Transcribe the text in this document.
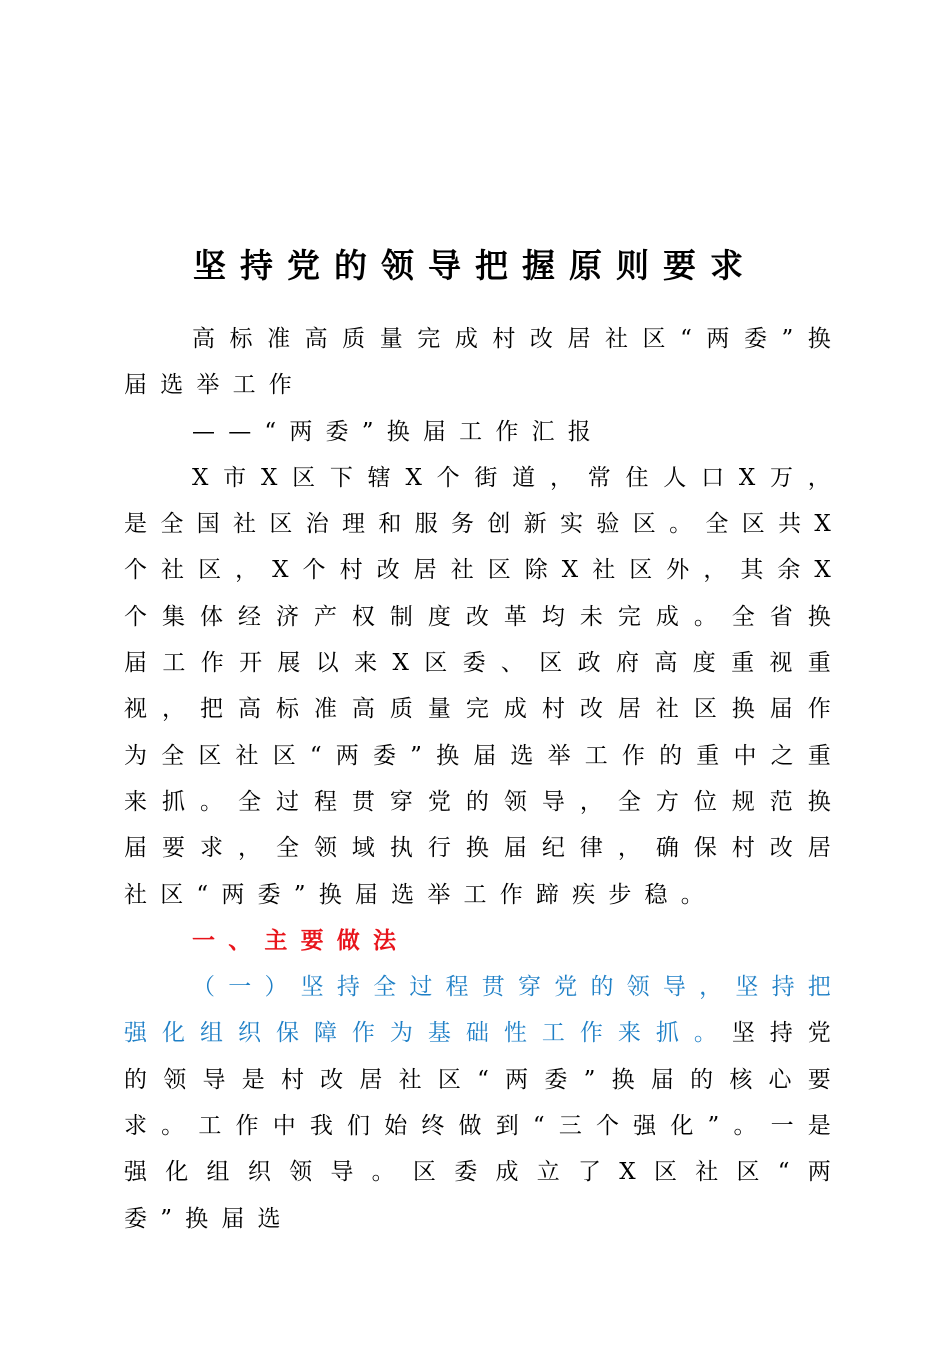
坚持党的领导把握原则要求

高标准高质量完成村改居社区“两委”换届选举工作

——“两委”换届工作汇报

X市X区下辖X个街道，常住人口X万，是全国社区治理和服务创新实验区。全区共X个社区，X个村改居社区除X社区外，其余X个集体经济产权制度改革均未完成。全省换届工作开展以来X区委、区政府高度重视重视，把高标准高质量完成村改居社区换届作为全区社区“两委”换届选举工作的重中之重来抓。全过程贯穿党的领导，全方位规范换届要求，全领域执行换届纪律，确保村改居社区“两委”换届选举工作蹄疾步稳。

一、主要做法

（一）坚持全过程贯穿党的领导，坚持把强化组织保障作为基础性工作来抓。坚持党的领导是村改居社区“两委”换届的核心要求。工作中我们始终做到“三个强化”。一是强化组织领导。区委成立了X区社区“两委”换届选
